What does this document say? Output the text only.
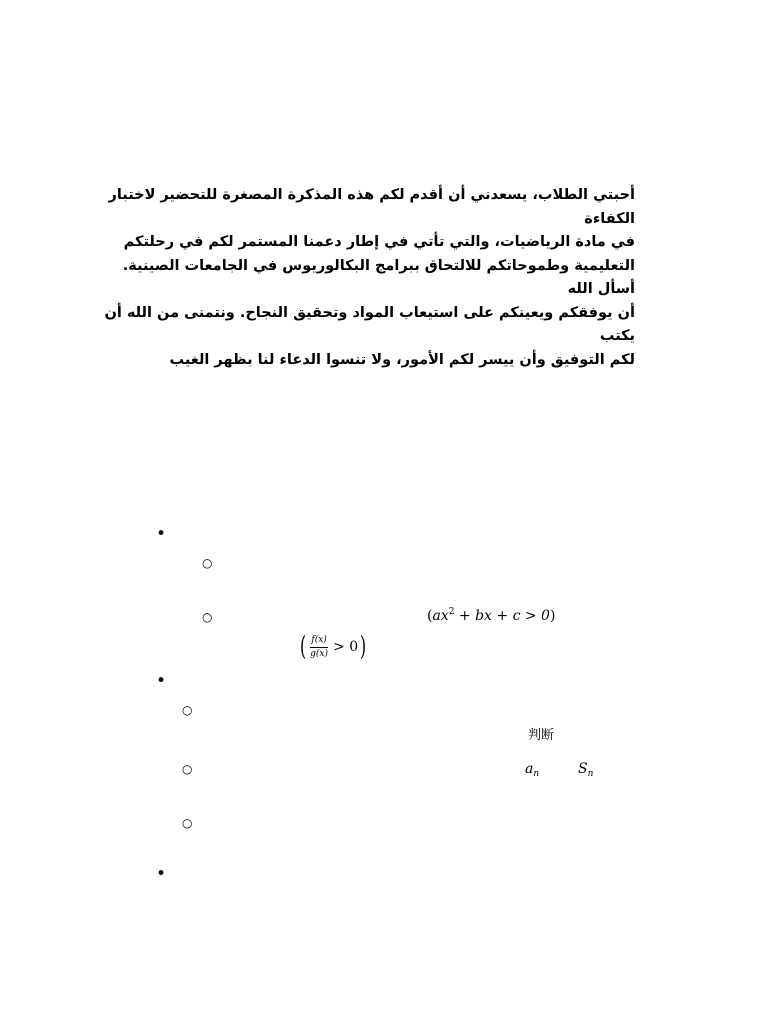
أحبتي الطلاب، يسعدني أن أقدم لكم هذه المذكرة المصغرة للتحضير لاختبار الكفاءة

في مادة الرياضيات، والتي تأتي في إطار دعمنا المستمر لكم في رحلتكم

التعليمية وطموحاتكم للالتحاق ببرامج البكالوريوس في الجامعات الصينية. أسأل الله

أن يوفقكم ويعينكم على استيعاب المواد وتحقيق النجاح. ونتمنى من الله أن يكتب

لكم التوفيق وأن ييسر لكم الأمور، ولا تنسوا الدعاء لنا بظهر الغيب

•
○
○	($ax^2$ + bx + c > 0)
( $\frac{f(x)}{g(x)} > 0$ )
•
○
判断
○	$a_n$	$S_n$
○
•
